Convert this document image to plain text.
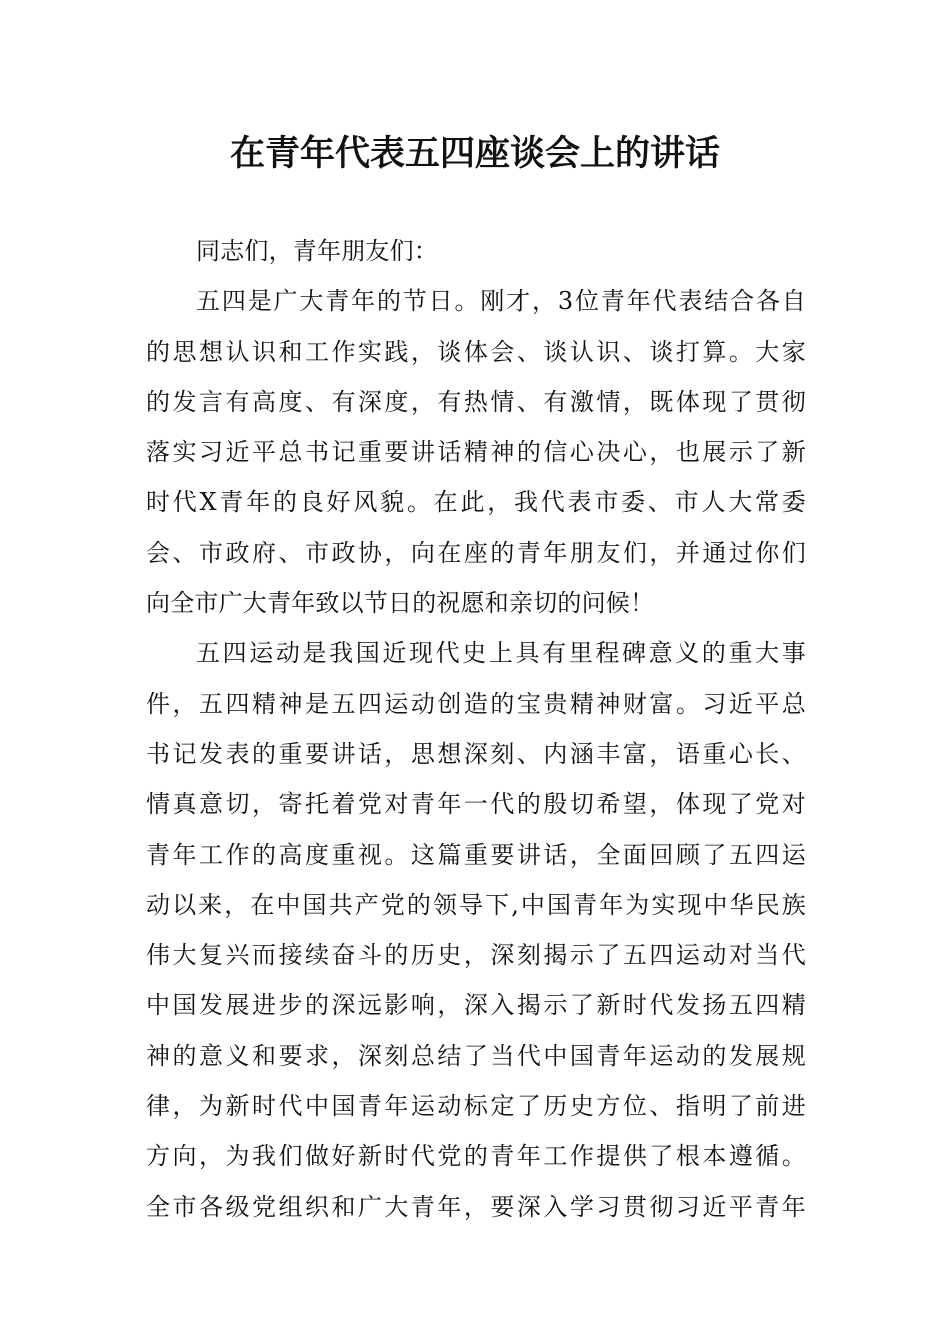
在青年代表五四座谈会上的讲话
同志们，青年朋友们：
五四是广大青年的节日。刚才，3位青年代表结合各自
的思想认识和工作实践，谈体会、谈认识、谈打算。大家
的发言有高度、有深度，有热情、有激情，既体现了贯彻
落实习近平总书记重要讲话精神的信心决心，也展示了新
时代X青年的良好风貌。在此，我代表市委、市人大常委
会、市政府、市政协，向在座的青年朋友们，并通过你们
向全市广大青年致以节日的祝愿和亲切的问候！
五四运动是我国近现代史上具有里程碑意义的重大事
件，五四精神是五四运动创造的宝贵精神财富。习近平总
书记发表的重要讲话，思想深刻、内涵丰富，语重心长、
情真意切，寄托着党对青年一代的殷切希望，体现了党对
青年工作的高度重视。这篇重要讲话，全面回顾了五四运
动以来，在中国共产党的领导下,中国青年为实现中华民族
伟大复兴而接续奋斗的历史，深刻揭示了五四运动对当代
中国发展进步的深远影响，深入揭示了新时代发扬五四精
神的意义和要求，深刻总结了当代中国青年运动的发展规
律，为新时代中国青年运动标定了历史方位、指明了前进
方向，为我们做好新时代党的青年工作提供了根本遵循。
全市各级党组织和广大青年，要深入学习贯彻习近平青年
